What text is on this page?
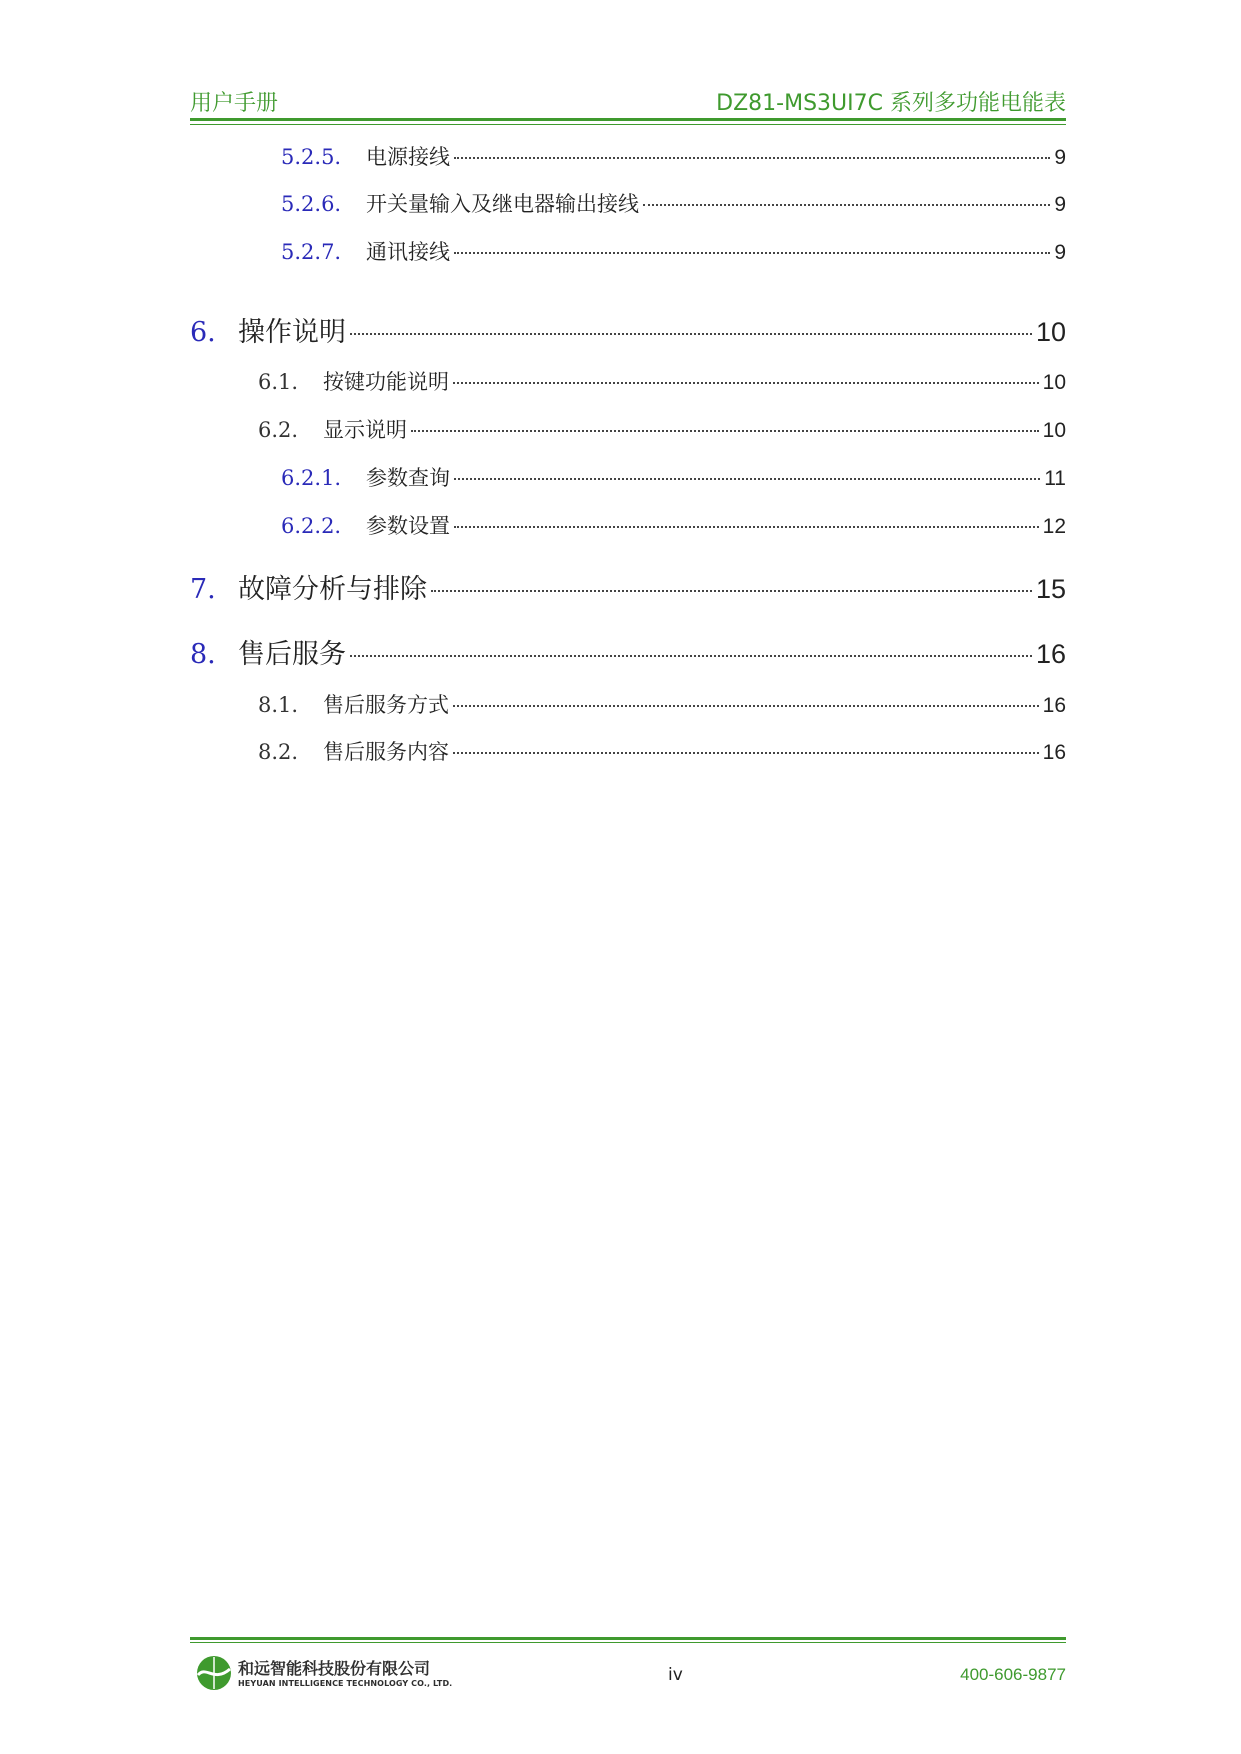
用户手册	DZ81-MS3UI7C 系列多功能电能表
5.2.5.	电源接线	9
5.2.6.	开关量输入及继电器输出接线	9
5.2.7.	通讯接线	9
6. 操作说明	10
6.1.	按键功能说明	10
6.2.	显示说明	10
6.2.1.	参数查询	11
6.2.2.	参数设置	12
7. 故障分析与排除	15
8. 售后服务	16
8.1.	售后服务方式	16
8.2.	售后服务内容	16
和远智能科技股份有限公司
HEYUAN INTELLIGENCE TECHNOLOGY CO., LTD.	iv	400-606-9877
